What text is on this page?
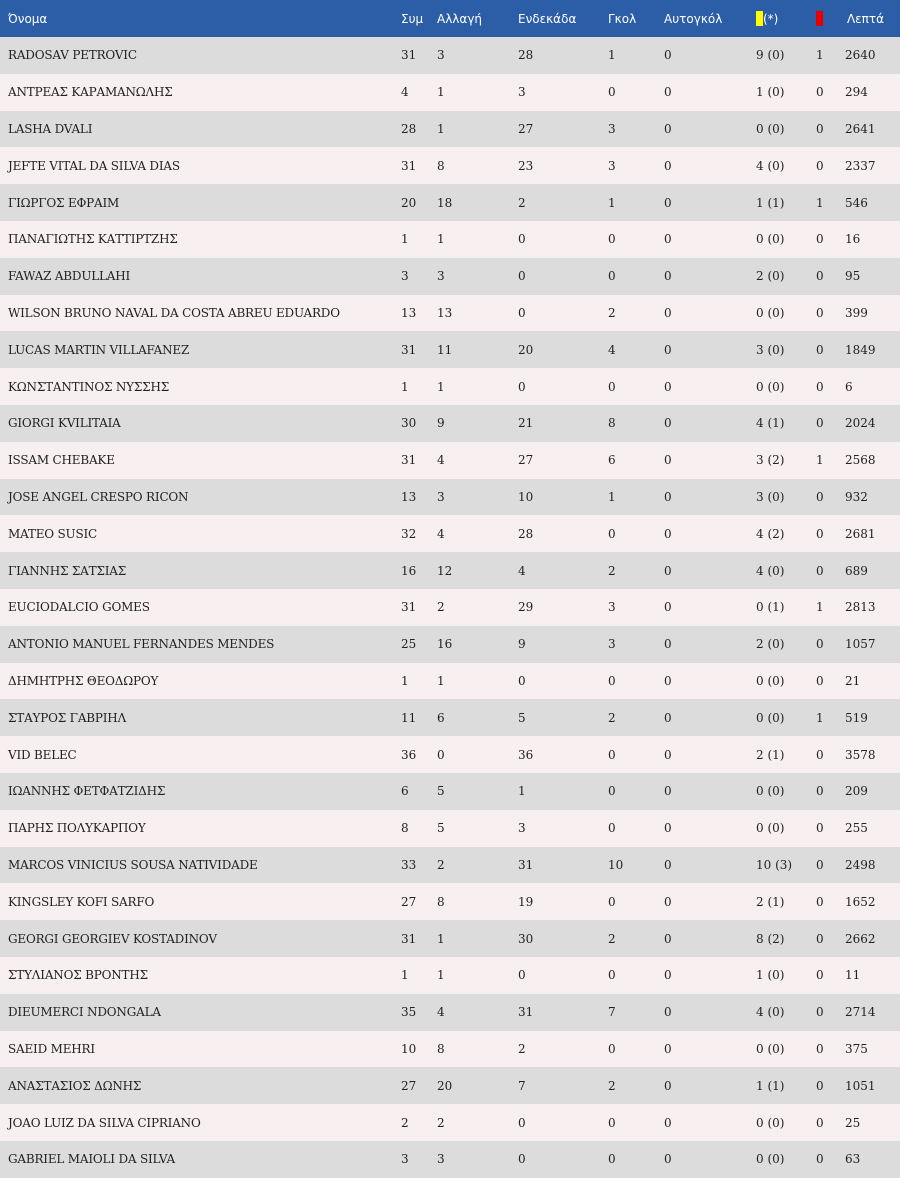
Όνομα	Συμ	Αλλαγή	Ενδεκάδα	Γκολ	Αυτογκόλ	(*)		Λεπτά
RADOSAV PETROVIC	31	3	28	1	0	9 (0)	1	2640
ΑΝΤΡΕΑΣ ΚΑΡΑΜΑΝΩΛΗΣ	4	1	3	0	0	1 (0)	0	294
LASHA DVALI	28	1	27	3	0	0 (0)	0	2641
JEFTE VITAL DA SILVA DIAS	31	8	23	3	0	4 (0)	0	2337
ΓΙΩΡΓΟΣ ΕΦΡΑΙΜ	20	18	2	1	0	1 (1)	1	546
ΠΑΝΑΓΙΩΤΗΣ ΚΑΤΤΙΡΤΖΗΣ	1	1	0	0	0	0 (0)	0	16
FAWAZ ABDULLAHI	3	3	0	0	0	2 (0)	0	95
WILSON BRUNO NAVAL DA COSTA ABREU EDUARDO	13	13	0	2	0	0 (0)	0	399
LUCAS MARTIN VILLAFANEZ	31	11	20	4	0	3 (0)	0	1849
ΚΩΝΣΤΑΝΤΙΝΟΣ ΝΥΣΣΗΣ	1	1	0	0	0	0 (0)	0	6
GIORGI KVILITAIA	30	9	21	8	0	4 (1)	0	2024
ISSAM CHEBAKE	31	4	27	6	0	3 (2)	1	2568
JOSE ANGEL CRESPO RICON	13	3	10	1	0	3 (0)	0	932
MATEO SUSIC	32	4	28	0	0	4 (2)	0	2681
ΓΙΑΝΝΗΣ ΣΑΤΣΙΑΣ	16	12	4	2	0	4 (0)	0	689
EUCIODALCIO GOMES	31	2	29	3	0	0 (1)	1	2813
ANTONIO MANUEL FERNANDES MENDES	25	16	9	3	0	2 (0)	0	1057
ΔΗΜΗΤΡΗΣ ΘΕΟΔΩΡΟΥ	1	1	0	0	0	0 (0)	0	21
ΣΤΑΥΡΟΣ ΓΑΒΡΙΗΛ	11	6	5	2	0	0 (0)	1	519
VID BELEC	36	0	36	0	0	2 (1)	0	3578
ΙΩΑΝΝΗΣ ΦΕΤΦΑΤΖΙΔΗΣ	6	5	1	0	0	0 (0)	0	209
ΠΑΡΗΣ ΠΟΛΥΚΑΡΠΟΥ	8	5	3	0	0	0 (0)	0	255
MARCOS VINICIUS SOUSA NATIVIDADE	33	2	31	10	0	10 (3)	0	2498
KINGSLEY KOFI SARFO	27	8	19	0	0	2 (1)	0	1652
GEORGI GEORGIEV KOSTADINOV	31	1	30	2	0	8 (2)	0	2662
ΣΤΥΛΙΑΝΟΣ ΒΡΟΝΤΗΣ	1	1	0	0	0	1 (0)	0	11
DIEUMERCI NDONGALA	35	4	31	7	0	4 (0)	0	2714
SAEID MEHRI	10	8	2	0	0	0 (0)	0	375
ΑΝΑΣΤΑΣΙΟΣ ΔΩΝΗΣ	27	20	7	2	0	1 (1)	0	1051
JOAO LUIZ DA SILVA CIPRIANO	2	2	0	0	0	0 (0)	0	25
GABRIEL MAIOLI DA SILVA	3	3	0	0	0	0 (0)	0	63
